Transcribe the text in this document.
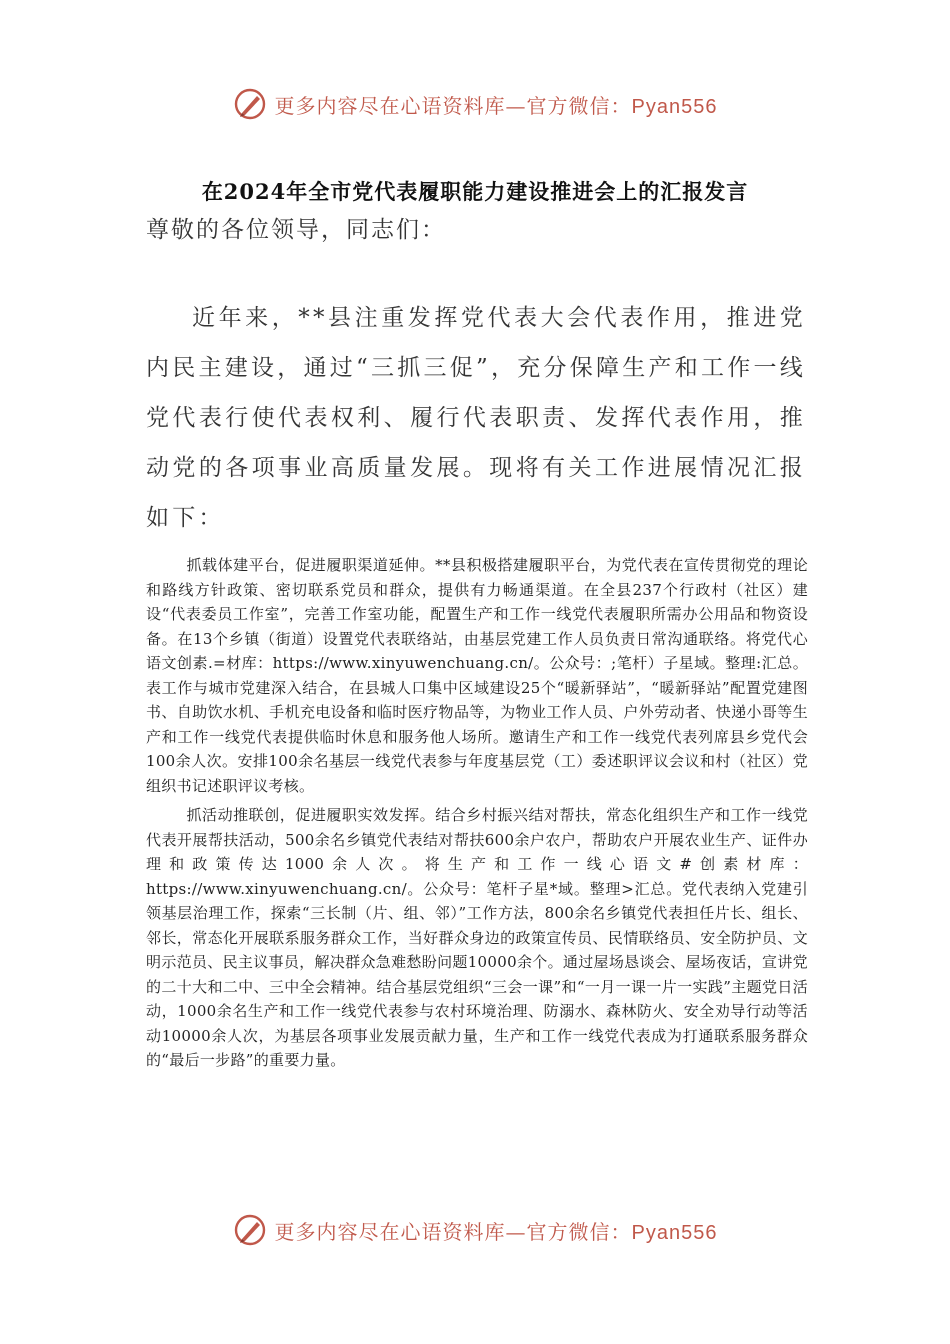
更多内容尽在心语资料库—官方微信：Pyan556
在2024年全市党代表履职能力建设推进会上的汇报发言
尊敬的各位领导，同志们：

近年来，**县注重发挥党代表大会代表作用，推进党内民主建设，通过“三抓三促”，充分保障生产和工作一线党代表行使代表权利、履行代表职责、发挥代表作用，推动党的各项事业高质量发展。现将有关工作进展情况汇报如下：

抓载体建平台，促进履职渠道延伸。**县积极搭建履职平台，为党代表在宣传贯彻党的理论和路线方针政策、密切联系党员和群众，提供有力畅通渠道。在全县237个行政村（社区）建设“代表委员工作室”，完善工作室功能，配置生产和工作一线党代表履职所需办公用品和物资设备。在13个乡镇（街道）设置党代表联络站，由基层党建工作人员负责日常沟通联络。将党代心语文创素.=材库：https://www.xinyuwenchuang.cn/。公众号：;笔杆）子星域。整理:汇总。表工作与城市党建深入结合，在县城人口集中区域建设25个“暖新驿站”，“暖新驿站”配置党建图书、自助饮水机、手机充电设备和临时医疗物品等，为物业工作人员、户外劳动者、快递小哥等生产和工作一线党代表提供临时休息和服务他人场所。邀请生产和工作一线党代表列席县乡党代会100余人次。安排100余名基层一线党代表参与年度基层党（工）委述职评议会议和村（社区）党组织书记述职评议考核。

抓活动推联创，促进履职实效发挥。结合乡村振兴结对帮扶，常态化组织生产和工作一线党代表开展帮扶活动，500余名乡镇党代表结对帮扶600余户农户，帮助农户开展农业生产、证件办理和政策传达1000余人次。将生产和工作一线心语文#创素材库：https://www.xinyuwenchuang.cn/。公众号：笔杆子星*域。整理>汇总。党代表纳入党建引领基层治理工作，探索“三长制（片、组、邻）”工作方法，800余名乡镇党代表担任片长、组长、邻长，常态化开展联系服务群众工作，当好群众身边的政策宣传员、民情联络员、安全防护员、文明示范员、民主议事员，解决群众急难愁盼问题10000余个。通过屋场恳谈会、屋场夜话，宣讲党的二十大和二中、三中全会精神。结合基层党组织“三会一课”和“一月一课一片一实践”主题党日活动，1000余名生产和工作一线党代表参与农村环境治理、防溺水、森林防火、安全劝导行动等活动10000余人次，为基层各项事业发展贡献力量，生产和工作一线党代表成为打通联系服务群众的“最后一步路”的重要力量。

更多内容尽在心语资料库—官方微信：Pyan556
